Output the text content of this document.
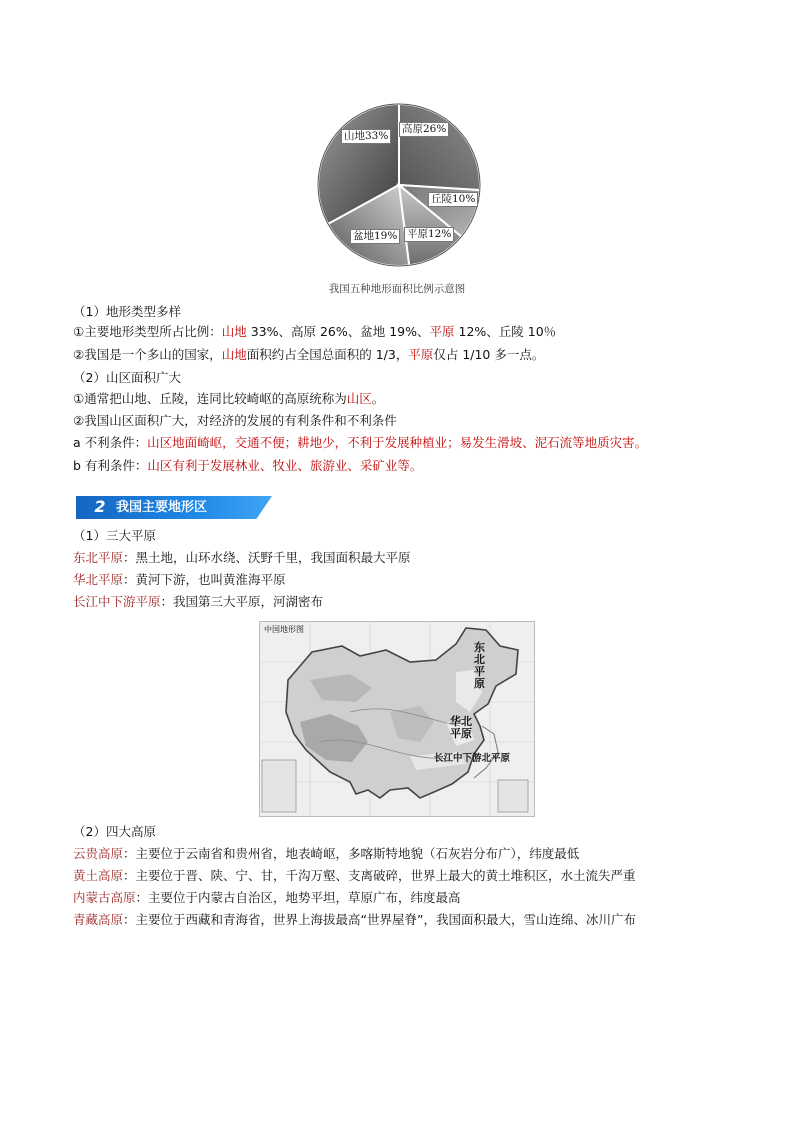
山地33%
高原26%
丘陵10%
平原12%
盆地19%
我国五种地形面积比例示意图
（1）地形类型多样
①主要地形类型所占比例：山地 33%、高原 26%、盆地 19%、平原 12%、丘陵 10％
②我国是一个多山的国家，山地面积约占全国总面积的 1/3，平原仅占 1/10 多一点。
（2）山区面积广大
①通常把山地、丘陵，连同比较崎岖的高原统称为山区。
②我国山区面积广大，对经济的发展的有利条件和不利条件
a 不利条件：山区地面崎岖，交通不便；耕地少，不利于发展种植业；易发生滑坡、泥石流等地质灾害。
b 有利条件：山区有利于发展林业、牧业、旅游业、采矿业等。
2 我国主要地形区
（1）三大平原
东北平原：黑土地，山环水绕、沃野千里，我国面积最大平原
华北平原：黄河下游，也叫黄淮海平原
长江中下游平原：我国第三大平原，河湖密布
中国地形图
东北平原
华北平原
长江中下游北平原
（2）四大高原
云贵高原：主要位于云南省和贵州省，地表崎岖，多喀斯特地貌（石灰岩分布广），纬度最低
黄土高原：主要位于晋、陕、宁、甘，千沟万壑、支离破碎，世界上最大的黄土堆积区，水土流失严重
内蒙古高原：主要位于内蒙古自治区，地势平坦，草原广布，纬度最高
青藏高原：主要位于西藏和青海省，世界上海拔最高“世界屋脊”，我国面积最大，雪山连绵、冰川广布
